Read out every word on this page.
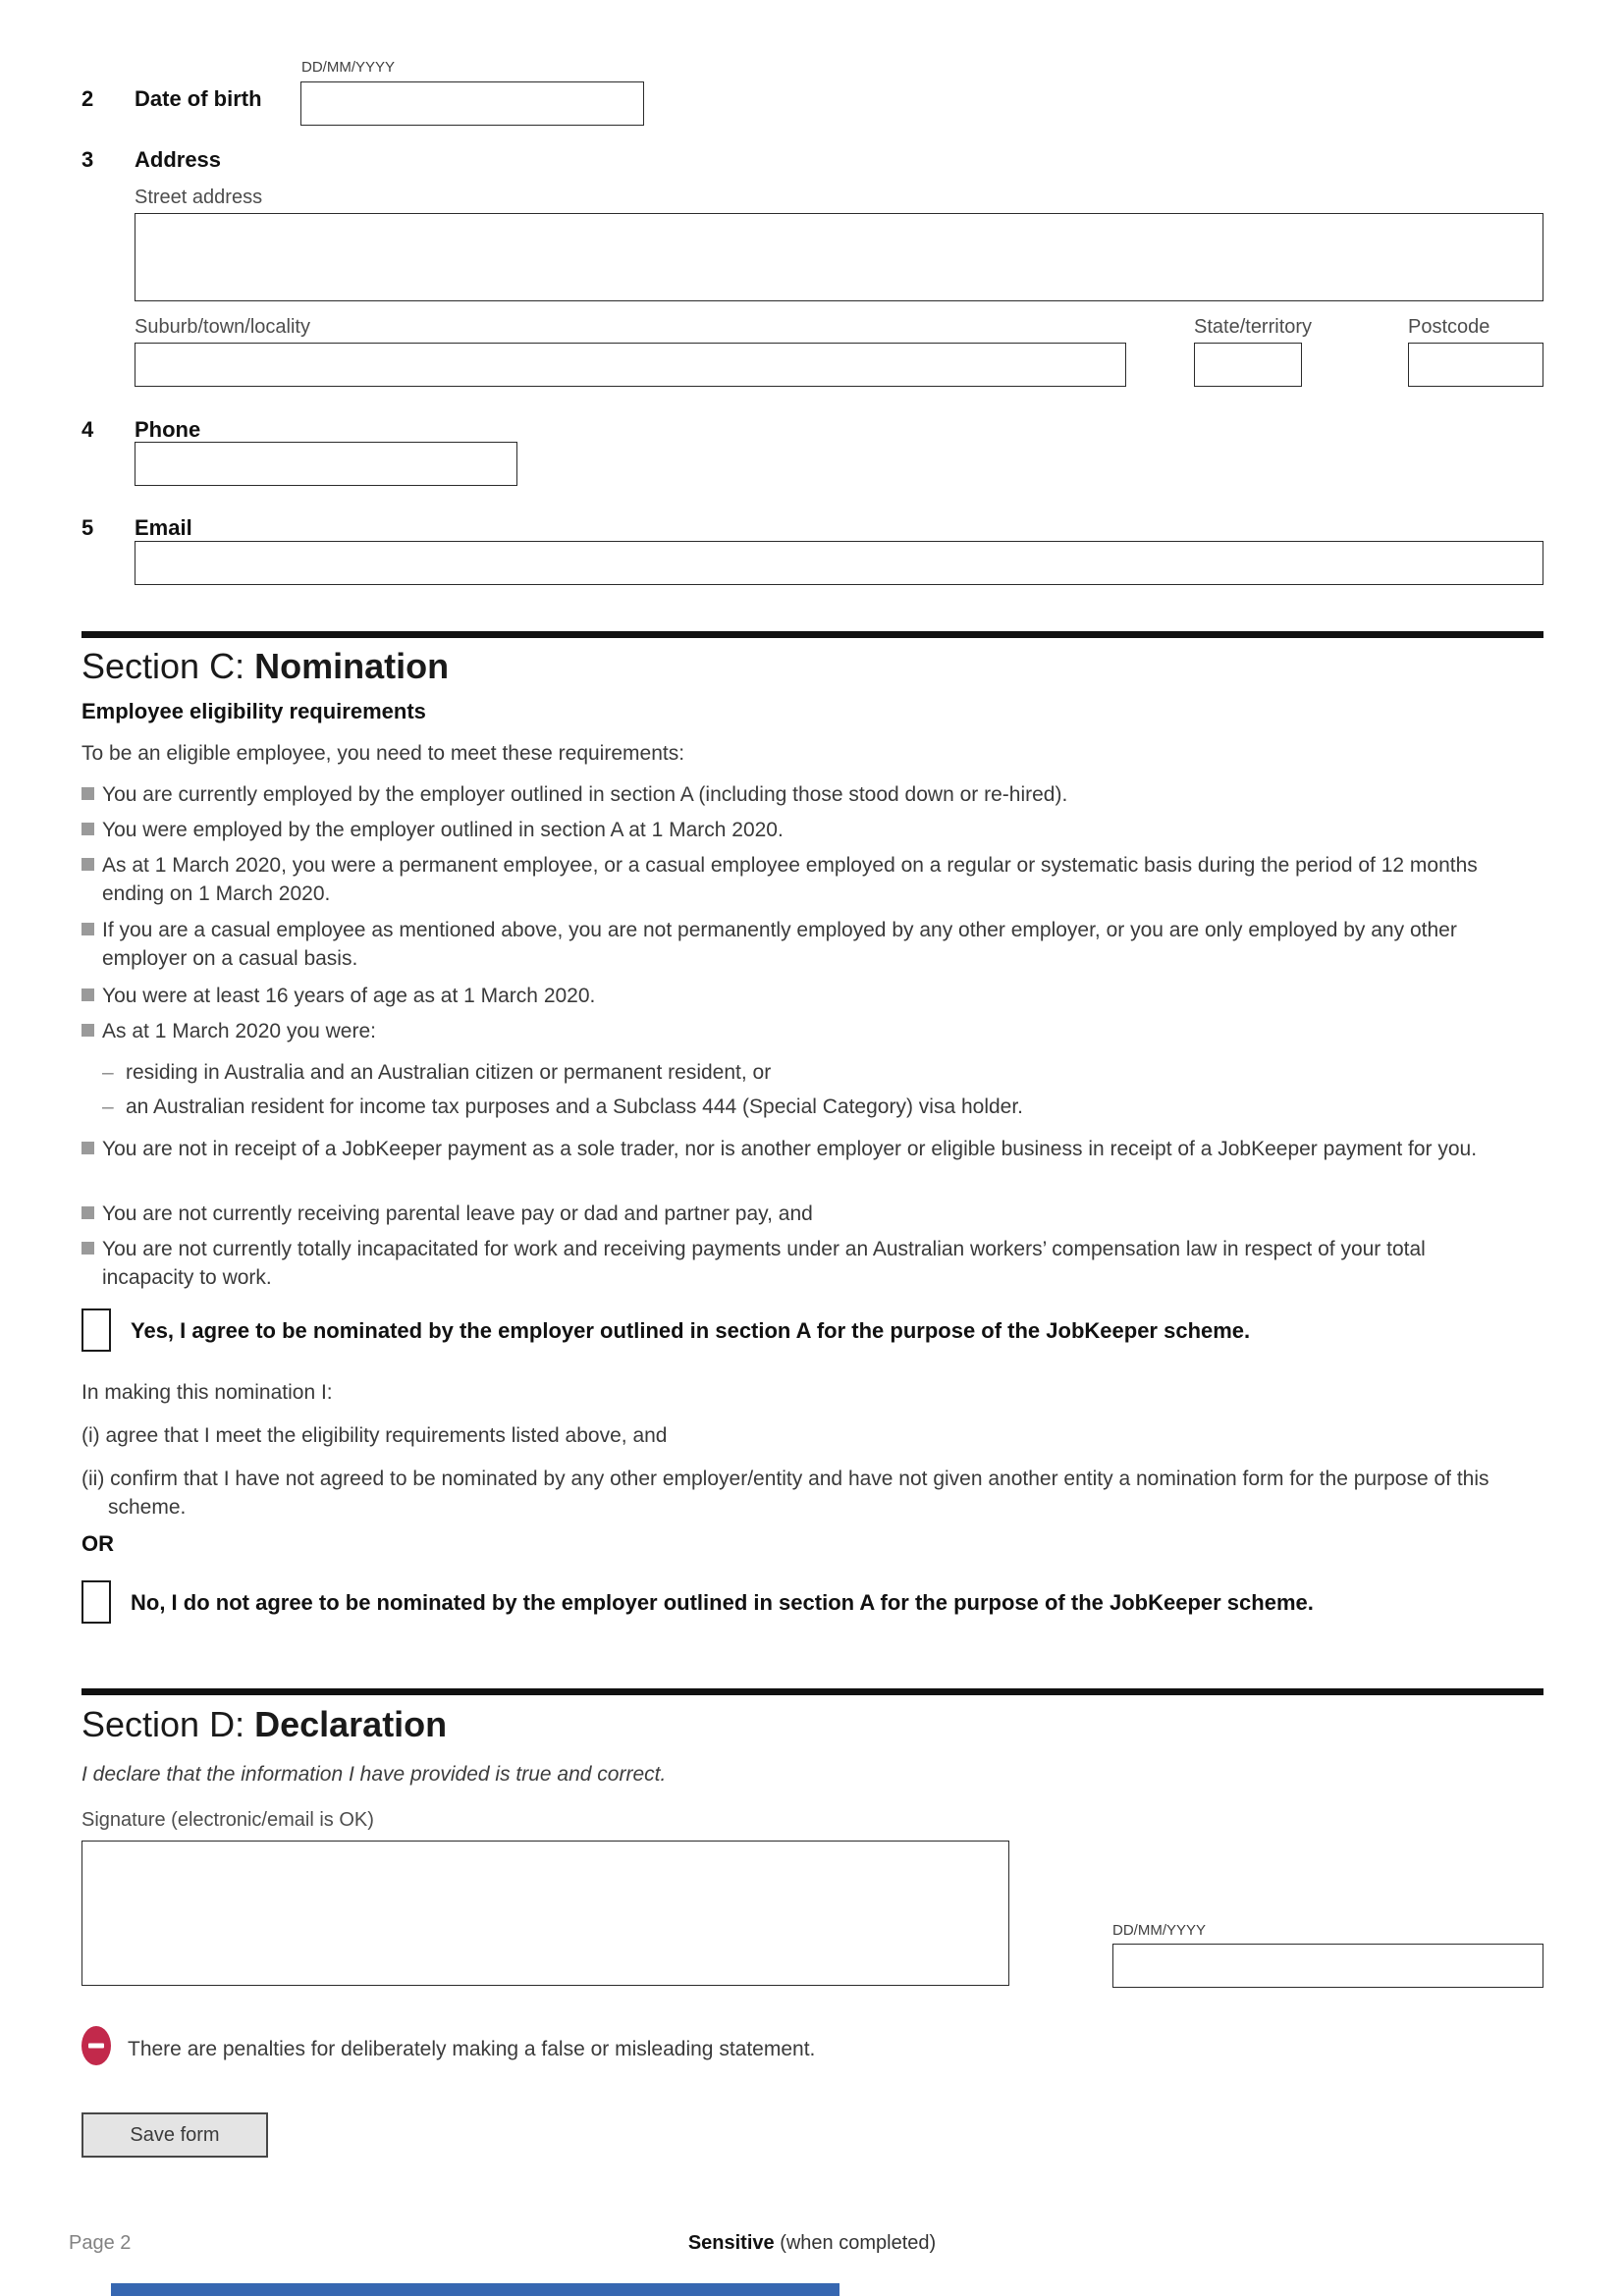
2 Date of birth
DD/MM/YYYY
3 Address
Street address
Suburb/town/locality	State/territory	Postcode
4 Phone
5 Email
Section C: Nomination
Employee eligibility requirements
To be an eligible employee, you need to meet these requirements:
You are currently employed by the employer outlined in section A (including those stood down or re-hired).
You were employed by the employer outlined in section A at 1 March 2020.
As at 1 March 2020, you were a permanent employee, or a casual employee employed on a regular or systematic basis during the period of 12 months ending on 1 March 2020.
If you are a casual employee as mentioned above, you are not permanently employed by any other employer, or you are only employed by any other employer on a casual basis.
You were at least 16 years of age as at 1 March 2020.
As at 1 March 2020 you were:
– residing in Australia and an Australian citizen or permanent resident, or
– an Australian resident for income tax purposes and a Subclass 444 (Special Category) visa holder.
You are not in receipt of a JobKeeper payment as a sole trader, nor is another employer or eligible business in receipt of a JobKeeper payment for you.
You are not currently receiving parental leave pay or dad and partner pay, and
You are not currently totally incapacitated for work and receiving payments under an Australian workers’ compensation law in respect of your total incapacity to work.
Yes, I agree to be nominated by the employer outlined in section A for the purpose of the JobKeeper scheme.
In making this nomination I:
(i) agree that I meet the eligibility requirements listed above, and
(ii) confirm that I have not agreed to be nominated by any other employer/entity and have not given another entity a nomination form for the purpose of this scheme.
OR
No, I do not agree to be nominated by the employer outlined in section A for the purpose of the JobKeeper scheme.
Section D: Declaration
I declare that the information I have provided is true and correct.
Signature (electronic/email is OK)
DD/MM/YYYY
There are penalties for deliberately making a false or misleading statement.
Save form
Page 2	Sensitive (when completed)
